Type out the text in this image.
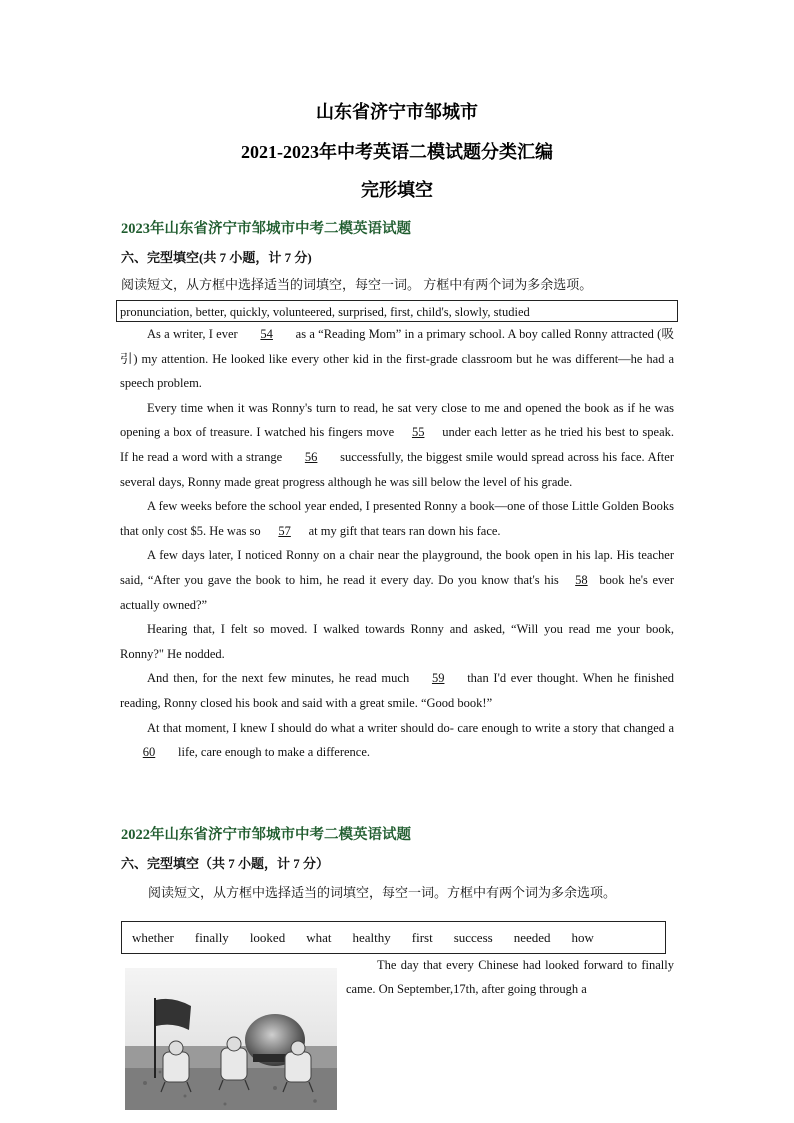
山东省济宁市邹城市
2021-2023年中考英语二模试题分类汇编
完形填空
2023年山东省济宁市邹城市中考二模英语试题
六、完型填空(共 7 小题，计 7 分)
阅读短文，从方框中选择适当的词填空，每空一词。 方框中有两个词为多余选项。
pronunciation, better, quickly, volunteered, surprised, first, child's, slowly, studied

As a writer, I ever 54 as a “Reading Mom” in a primary school. A boy called Ronny attracted (吸引) my attention. He looked like every other kid in the first-grade classroom but he was different—he had a speech problem.

Every time when it was Ronny's turn to read, he sat very close to me and opened the book as if he was opening a box of treasure. I watched his fingers move 55 under each letter as he tried his best to speak. If he read a word with a strange 56 successfully, the biggest smile would spread across his face. After several days, Ronny made great progress although he was sill below the level of his grade.

A few weeks before the school year ended, I presented Ronny a book—one of those Little Golden Books that only cost $5. He was so 57 at my gift that tears ran down his face.

A few days later, I noticed Ronny on a chair near the playground, the book open in his lap. His teacher said, “After you gave the book to him, he read it every day. Do you know that's his 58 book he's ever actually owned?”

Hearing that, I felt so moved. I walked towards Ronny and asked, “Will you read me your book, Ronny?" He nodded.

And then, for the next few minutes, he read much 59 than I'd ever thought. When he finished reading, Ronny closed his book and said with a great smile. “Good book!”

At that moment, I knew I should do what a writer should do- care enough to write a story that changed a60 life, care enough to make a difference.

2022年山东省济宁市邹城市中考二模英语试题
六、完型填空（共 7 小题，计 7 分）
阅读短文，从方框中选择适当的词填空，每空一词。方框中有两个词为多余选项。
whether finally looked what healthy first success needed how

The day that every Chinese had looked forward to finally came. On September,17th, after going through a
